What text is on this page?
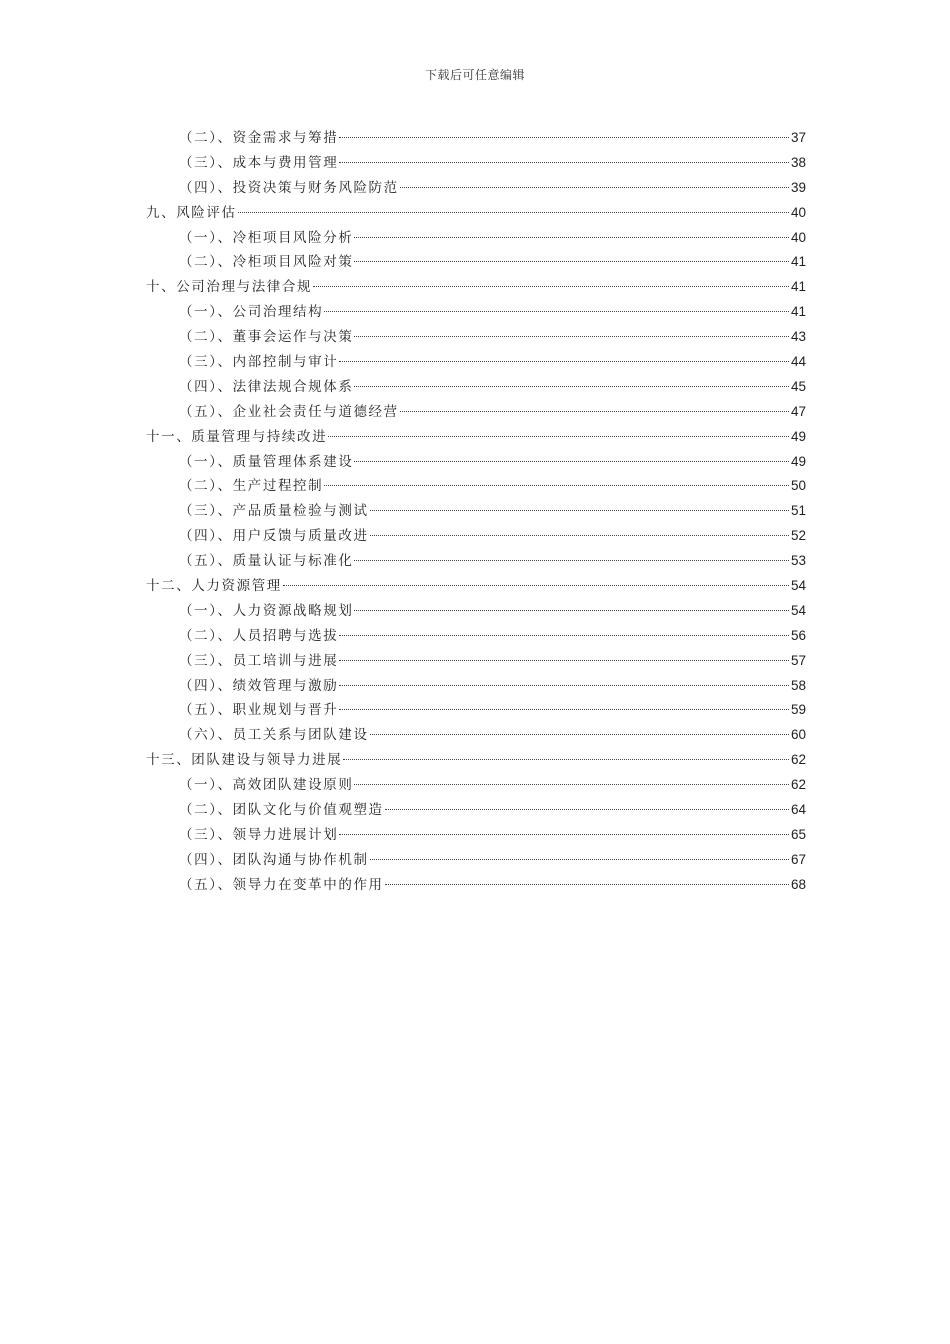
下载后可任意编辑
（二）、资金需求与筹措	37
（三）、成本与费用管理	38
（四）、投资决策与财务风险防范	39
九、风险评估	40
（一）、冷柜项目风险分析	40
（二）、冷柜项目风险对策	41
十、公司治理与法律合规	41
（一）、公司治理结构	41
（二）、董事会运作与决策	43
（三）、内部控制与审计	44
（四）、法律法规合规体系	45
（五）、企业社会责任与道德经营	47
十一、质量管理与持续改进	49
（一）、质量管理体系建设	49
（二）、生产过程控制	50
（三）、产品质量检验与测试	51
（四）、用户反馈与质量改进	52
（五）、质量认证与标准化	53
十二、人力资源管理	54
（一）、人力资源战略规划	54
（二）、人员招聘与选拔	56
（三）、员工培训与进展	57
（四）、绩效管理与激励	58
（五）、职业规划与晋升	59
（六）、员工关系与团队建设	60
十三、团队建设与领导力进展	62
（一）、高效团队建设原则	62
（二）、团队文化与价值观塑造	64
（三）、领导力进展计划	65
（四）、团队沟通与协作机制	67
（五）、领导力在变革中的作用	68
